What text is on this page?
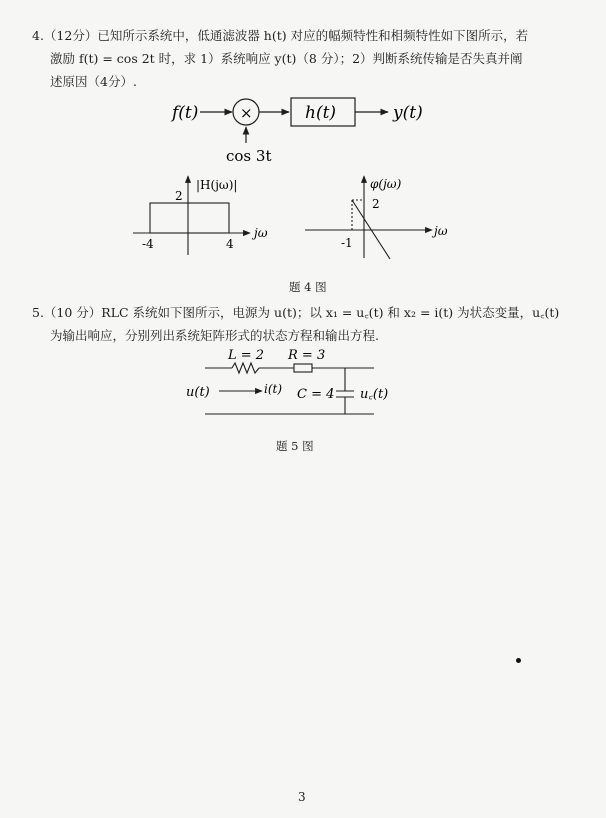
4.（12分）已知所示系统中，低通滤波器 h(t) 对应的幅频特性和相频特性如下图所示，若
激励 f(t) = cos 2t 时，求 1）系统响应 y(t)（8 分）；2）判断系统传输是否失真并阐
述原因（4分）.
f(t)	×	h(t)	y(t)
cos 3t
|H(jω)|
2
jω
-4	4
φ(jω)
2
jω
-1
L = 2 R = 3
u(t)	i(t) C = 4 u꜀(t)
题 4 图
5.（10 分）RLC 系统如下图所示，电源为 u(t)；以 x₁ = u꜀(t) 和 x₂ = i(t) 为状态变量，u꜀(t)
为输出响应，分别列出系统矩阵形式的状态方程和输出方程.
题 5 图
3
